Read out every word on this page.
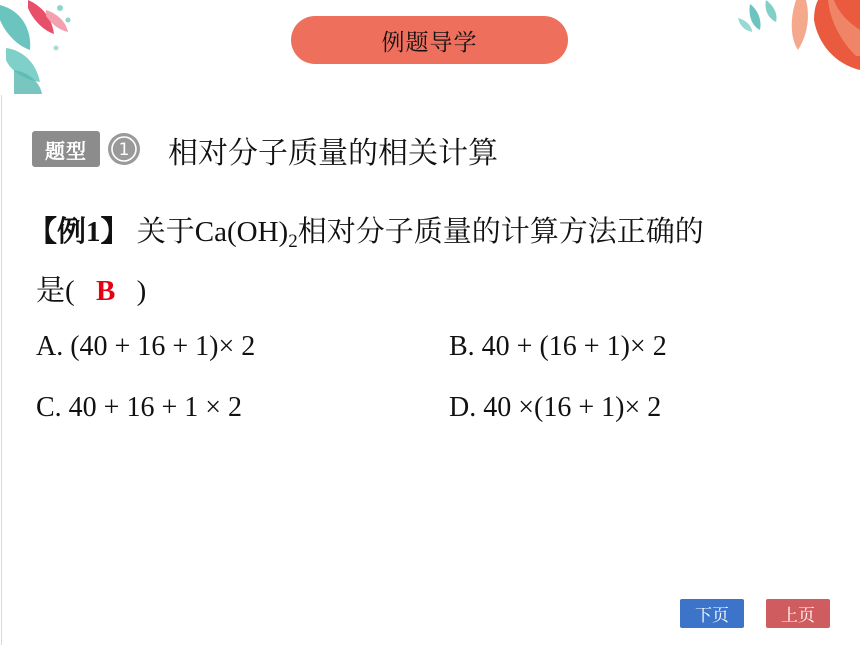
例题导学
题型 1 相对分子质量的相关计算
【例1】 关于$Ca(OH)_2$相对分子质量的计算方法正确的
是( B )
A. (40 + 16 + 1)× 2	B. 40 + (16 + 1)× 2
C. 40 + 16 + 1 × 2	D. 40 ×(16 + 1)× 2
下页	上页
